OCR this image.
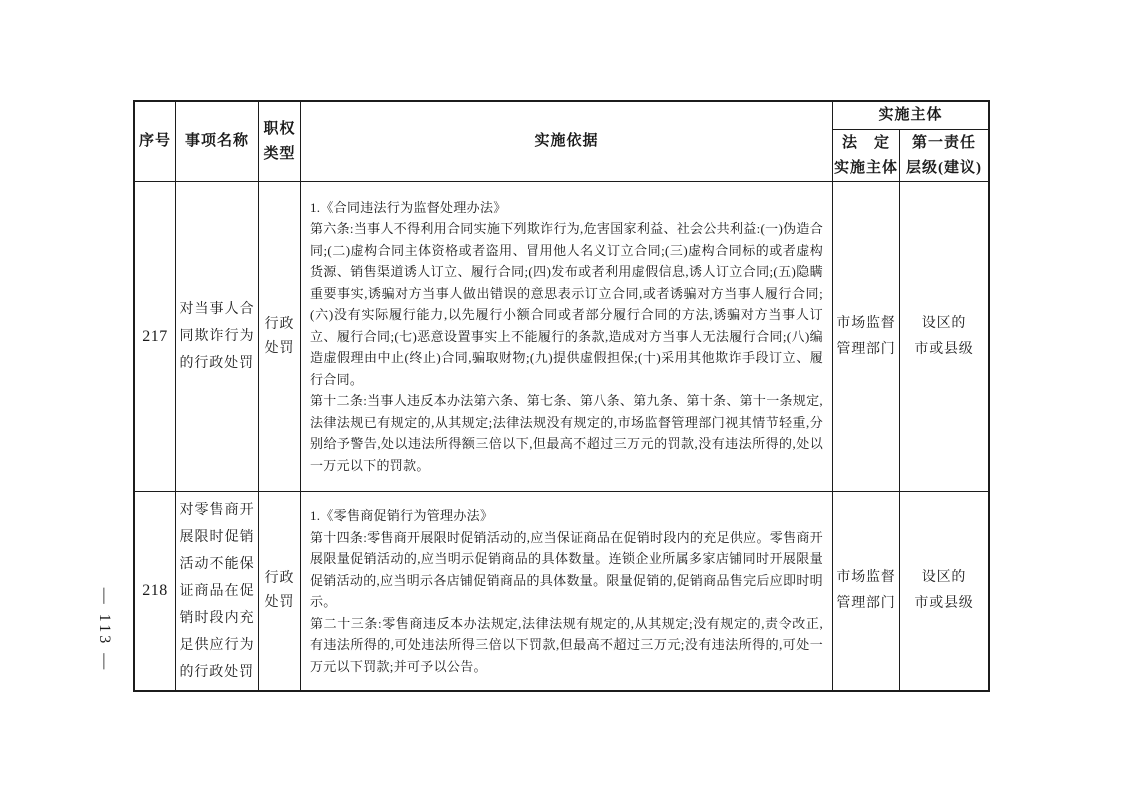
— 113 —
序号 事项名称
职权
类型
实施依据
实施主体
法　定
实施主体
第一责任
层级(建议)
217
对当事人合同欺诈行为的行政处罚
行政
处罚

1.《合同违法行为监督处理办法》

第六条:当事人不得利用合同实施下列欺诈行为,危害国家利益、社会公共利益:(一)伪造合同;(二)虚构合同主体资格或者盗用、冒用他人名义订立合同;(三)虚构合同标的或者虚构货源、销售渠道诱人订立、履行合同;(四)发布或者利用虚假信息,诱人订立合同;(五)隐瞒重要事实,诱骗对方当事人做出错误的意思表示订立合同,或者诱骗对方当事人履行合同;(六)没有实际履行能力,以先履行小额合同或者部分履行合同的方法,诱骗对方当事人订立、履行合同;(七)恶意设置事实上不能履行的条款,造成对方当事人无法履行合同;(八)编造虚假理由中止(终止)合同,骗取财物;(九)提供虚假担保;(十)采用其他欺诈手段订立、履行合同。

第十二条:当事人违反本办法第六条、第七条、第八条、第九条、第十条、第十一条规定,法律法规已有规定的,从其规定;法律法规没有规定的,市场监督管理部门视其情节轻重,分别给予警告,处以违法所得额三倍以下,但最高不超过三万元的罚款,没有违法所得的,处以一万元以下的罚款。

市场监督
管理部门
设区的
市或县级
218
对零售商开展限时促销活动不能保证商品在促销时段内充足供应行为的行政处罚
行政
处罚

1.《零售商促销行为管理办法》

第十四条:零售商开展限时促销活动的,应当保证商品在促销时段内的充足供应。零售商开展限量促销活动的,应当明示促销商品的具体数量。连锁企业所属多家店铺同时开展限量促销活动的,应当明示各店铺促销商品的具体数量。限量促销的,促销商品售完后应即时明示。

第二十三条:零售商违反本办法规定,法律法规有规定的,从其规定;没有规定的,责令改正,有违法所得的,可处违法所得三倍以下罚款,但最高不超过三万元;没有违法所得的,可处一万元以下罚款;并可予以公告。

市场监督
管理部门
设区的
市或县级
